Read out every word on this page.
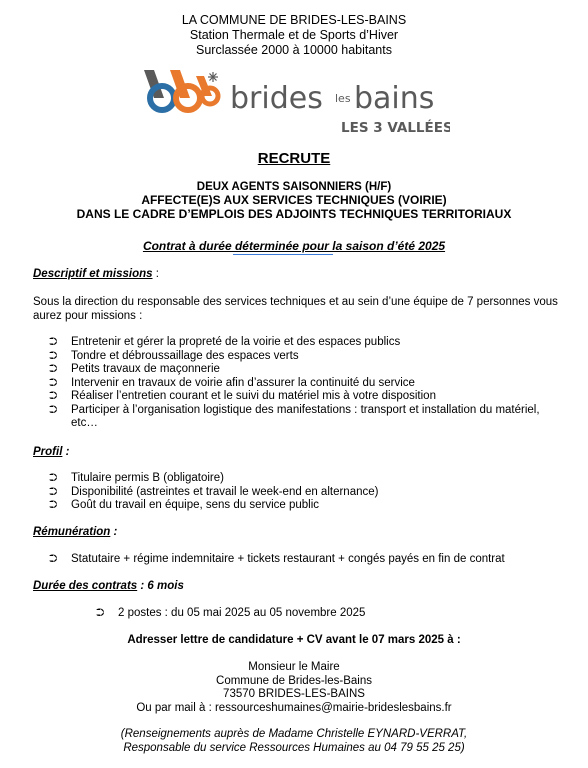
LA COMMUNE DE BRIDES-LES-BAINS
Station Thermale et de Sports d’Hiver
Surclassée 2000 à 10000 habitants
brides les bains
LES 3 VALLÉES
RECRUTE
DEUX AGENTS SAISONNIERS (H/F)
AFFECTE(E)S AUX SERVICES TECHNIQUES (VOIRIE)
DANS LE CADRE D’EMPLOIS DES ADJOINTS TECHNIQUES TERRITORIAUX
Contrat à durée déterminée pour la saison d’été 2025
Descriptif et missions :
Sous la direction du responsable des services techniques et au sein d’une équipe de 7 personnes vous aurez pour missions :
⮊ Entretenir et gérer la propreté de la voirie et des espaces publics
⮊ Tondre et débroussaillage des espaces verts
⮊ Petits travaux de maçonnerie
⮊ Intervenir en travaux de voirie afin d’assurer la continuité du service
⮊ Réaliser l’entretien courant et le suivi du matériel mis à votre disposition
⮊ Participer à l’organisation logistique des manifestations : transport et installation du matériel, etc…
Profil :
⮊ Titulaire permis B (obligatoire)
⮊ Disponibilité (astreintes et travail le week-end en alternance)
⮊ Goût du travail en équipe, sens du service public
Rémunération :
⮊ Statutaire + régime indemnitaire + tickets restaurant + congés payés en fin de contrat
Durée des contrats : 6 mois
⮊ 2 postes : du 05 mai 2025 au 05 novembre 2025
Adresser lettre de candidature + CV avant le 07 mars 2025 à :
Monsieur le Maire
Commune de Brides-les-Bains
73570 BRIDES-LES-BAINS
Ou par mail à : ressourceshumaines@mairie-brideslesbains.fr
(Renseignements auprès de Madame Christelle EYNARD-VERRAT,
Responsable du service Ressources Humaines au 04 79 55 25 25)
